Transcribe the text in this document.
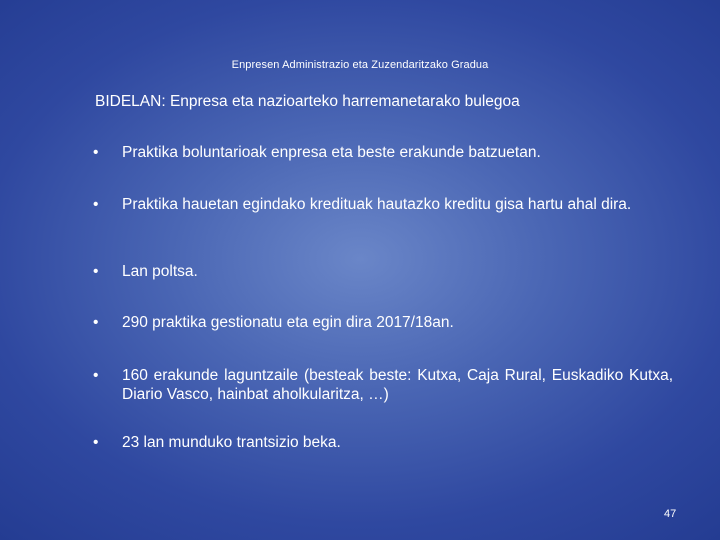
Enpresen Administrazio eta Zuzendaritzako Gradua
BIDELAN: Enpresa eta nazioarteko harremanetarako bulegoa
•	Praktika boluntarioak enpresa eta beste erakunde batzuetan.
•	Praktika hauetan egindako kredituak hautazko kreditu gisa hartu ahal dira.
•	Lan poltsa.
•	290 praktika gestionatu eta egin dira 2017/18an.
•	160 erakunde laguntzaile (besteak beste: Kutxa, Caja Rural, Euskadiko Kutxa, Diario Vasco, hainbat aholkularitza, …)
•	23 lan munduko trantsizio beka.
47
